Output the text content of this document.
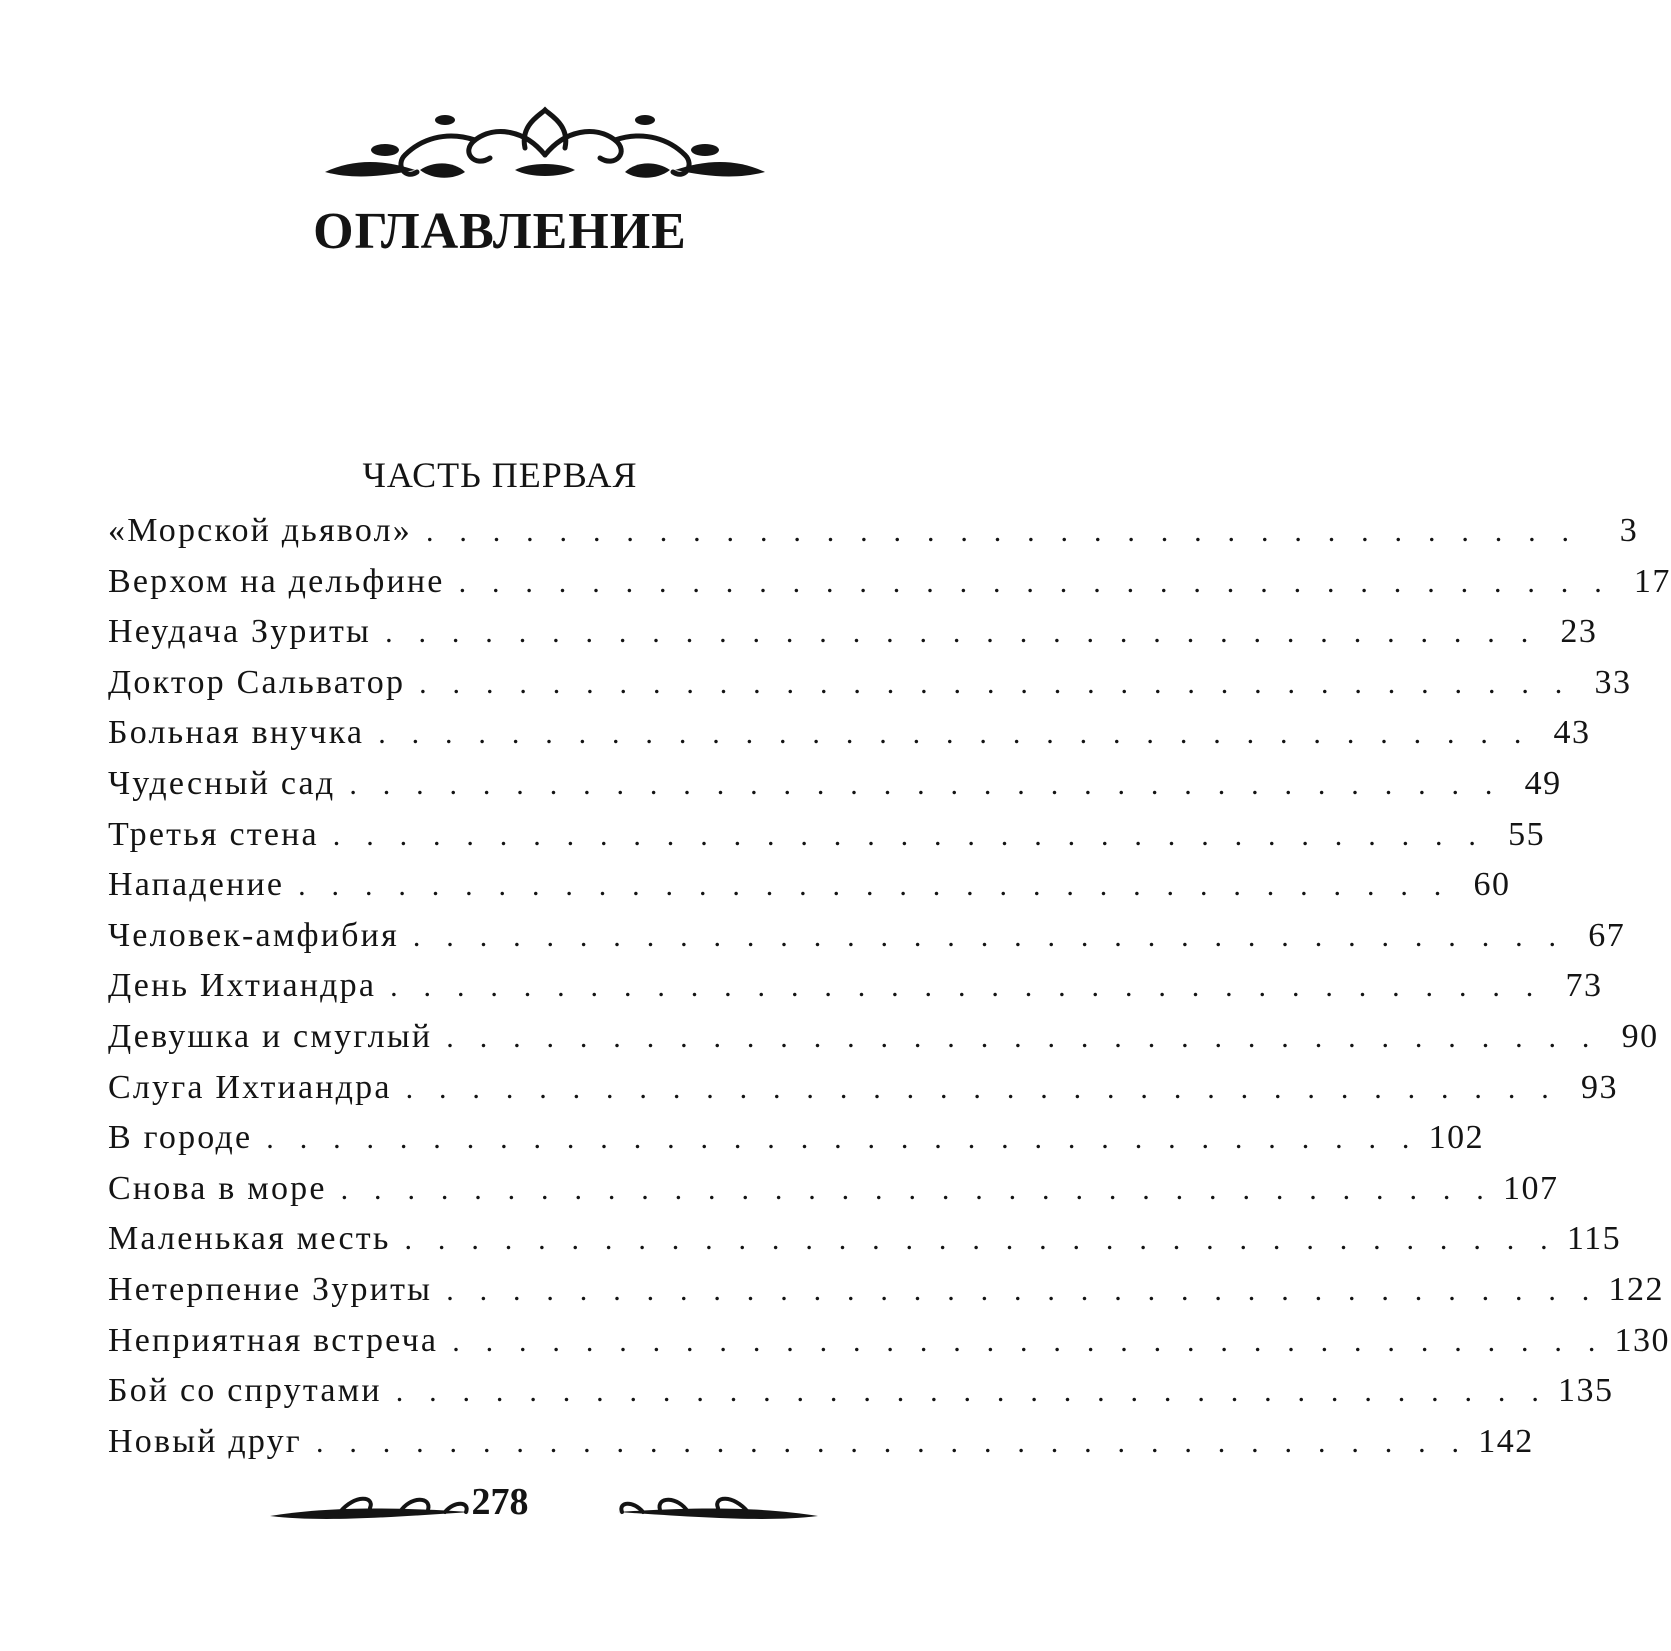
ОГЛАВЛЕНИЕ
ЧАСТЬ ПЕРВАЯ
«Морской дьявол» . . . . . . . . . . . . . . . . . . . . . . . . . . . . . . . . . . .	3
Верхом на дельфине . . . . . . . . . . . . . . . . . . . . . . . . . . . . . . . . . . . 17
Неудача Зуриты . . . . . . . . . . . . . . . . . . . . . . . . . . . . . . . . . . . 23
Доктор Сальватор . . . . . . . . . . . . . . . . . . . . . . . . . . . . . . . . . . . 33
Больная внучка . . . . . . . . . . . . . . . . . . . . . . . . . . . . . . . . . . . 43
Чудесный сад . . . . . . . . . . . . . . . . . . . . . . . . . . . . . . . . . . . 49
Третья стена . . . . . . . . . . . . . . . . . . . . . . . . . . . . . . . . . . . 55
Нападение . . . . . . . . . . . . . . . . . . . . . . . . . . . . . . . . . . . 60
Человек-амфибия . . . . . . . . . . . . . . . . . . . . . . . . . . . . . . . . . . . 67
День Ихтиандра . . . . . . . . . . . . . . . . . . . . . . . . . . . . . . . . . . . 73
Девушка и смуглый . . . . . . . . . . . . . . . . . . . . . . . . . . . . . . . . . . . 90
Слуга Ихтиандра . . . . . . . . . . . . . . . . . . . . . . . . . . . . . . . . . . . 93
В городе . . . . . . . . . . . . . . . . . . . . . . . . . . . . . . . . . . . 102
Снова в море . . . . . . . . . . . . . . . . . . . . . . . . . . . . . . . . . . . 107
Маленькая месть . . . . . . . . . . . . . . . . . . . . . . . . . . . . . . . . . . . 115
Нетерпение Зуриты . . . . . . . . . . . . . . . . . . . . . . . . . . . . . . . . . . . 122
Неприятная встреча . . . . . . . . . . . . . . . . . . . . . . . . . . . . . . . . . . . 130
Бой со спрутами . . . . . . . . . . . . . . . . . . . . . . . . . . . . . . . . . . . 135
Новый друг . . . . . . . . . . . . . . . . . . . . . . . . . . . . . . . . . . . 142
278
